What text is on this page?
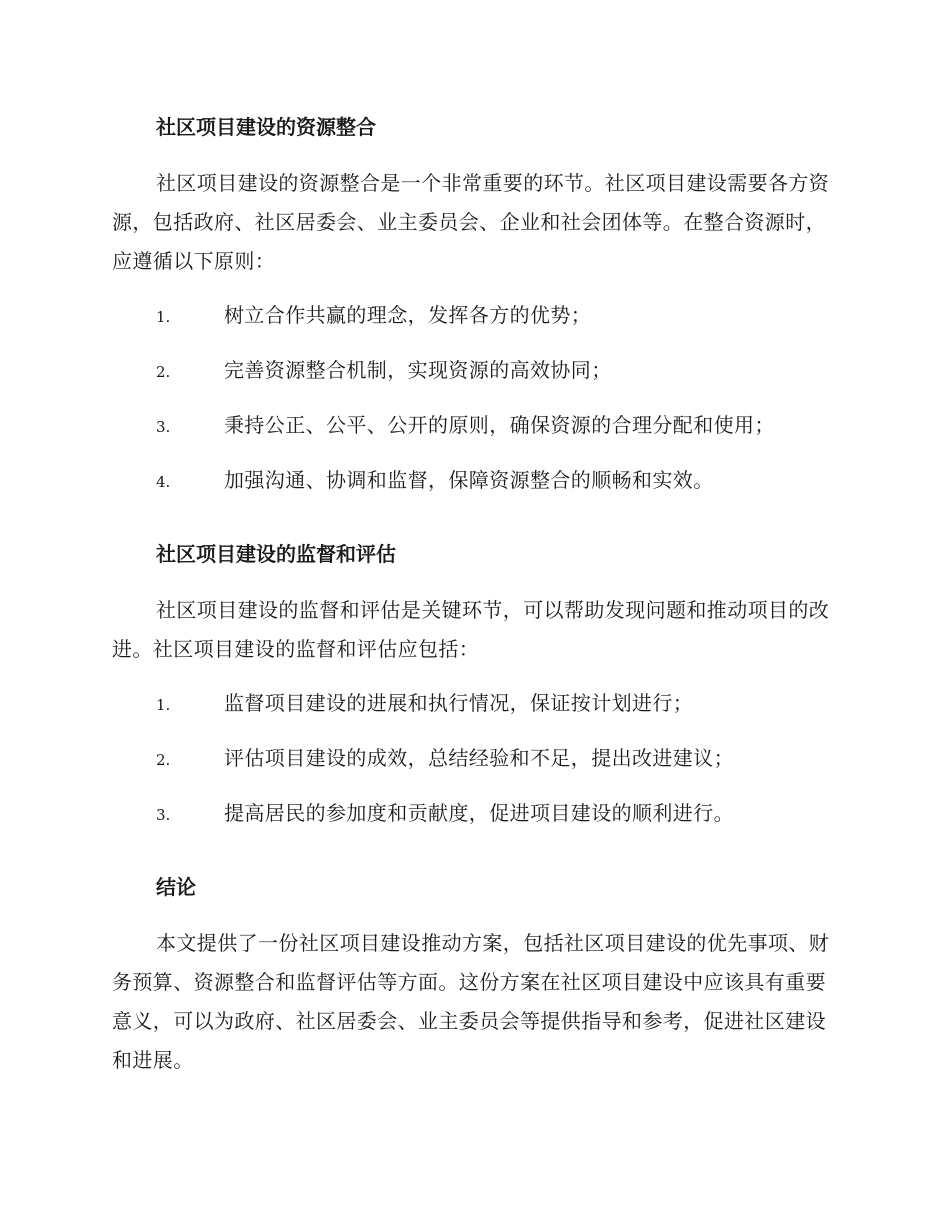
社区项目建设的资源整合

社区项目建设的资源整合是一个非常重要的环节。社区项目建设需要各方资源，包括政府、社区居委会、业主委员会、企业和社会团体等。在整合资源时，应遵循以下原则：

1.	树立合作共赢的理念，发挥各方的优势；
2.	完善资源整合机制，实现资源的高效协同；
3.	秉持公正、公平、公开的原则，确保资源的合理分配和使用；
4.	加强沟通、协调和监督，保障资源整合的顺畅和实效。
社区项目建设的监督和评估

社区项目建设的监督和评估是关键环节，可以帮助发现问题和推动项目的改进。社区项目建设的监督和评估应包括：

1.	监督项目建设的进展和执行情况，保证按计划进行；
2.	评估项目建设的成效，总结经验和不足，提出改进建议；
3.	提高居民的参加度和贡献度，促进项目建设的顺利进行。
结论

本文提供了一份社区项目建设推动方案，包括社区项目建设的优先事项、财务预算、资源整合和监督评估等方面。这份方案在社区项目建设中应该具有重要意义，可以为政府、社区居委会、业主委员会等提供指导和参考，促进社区建设和进展。
